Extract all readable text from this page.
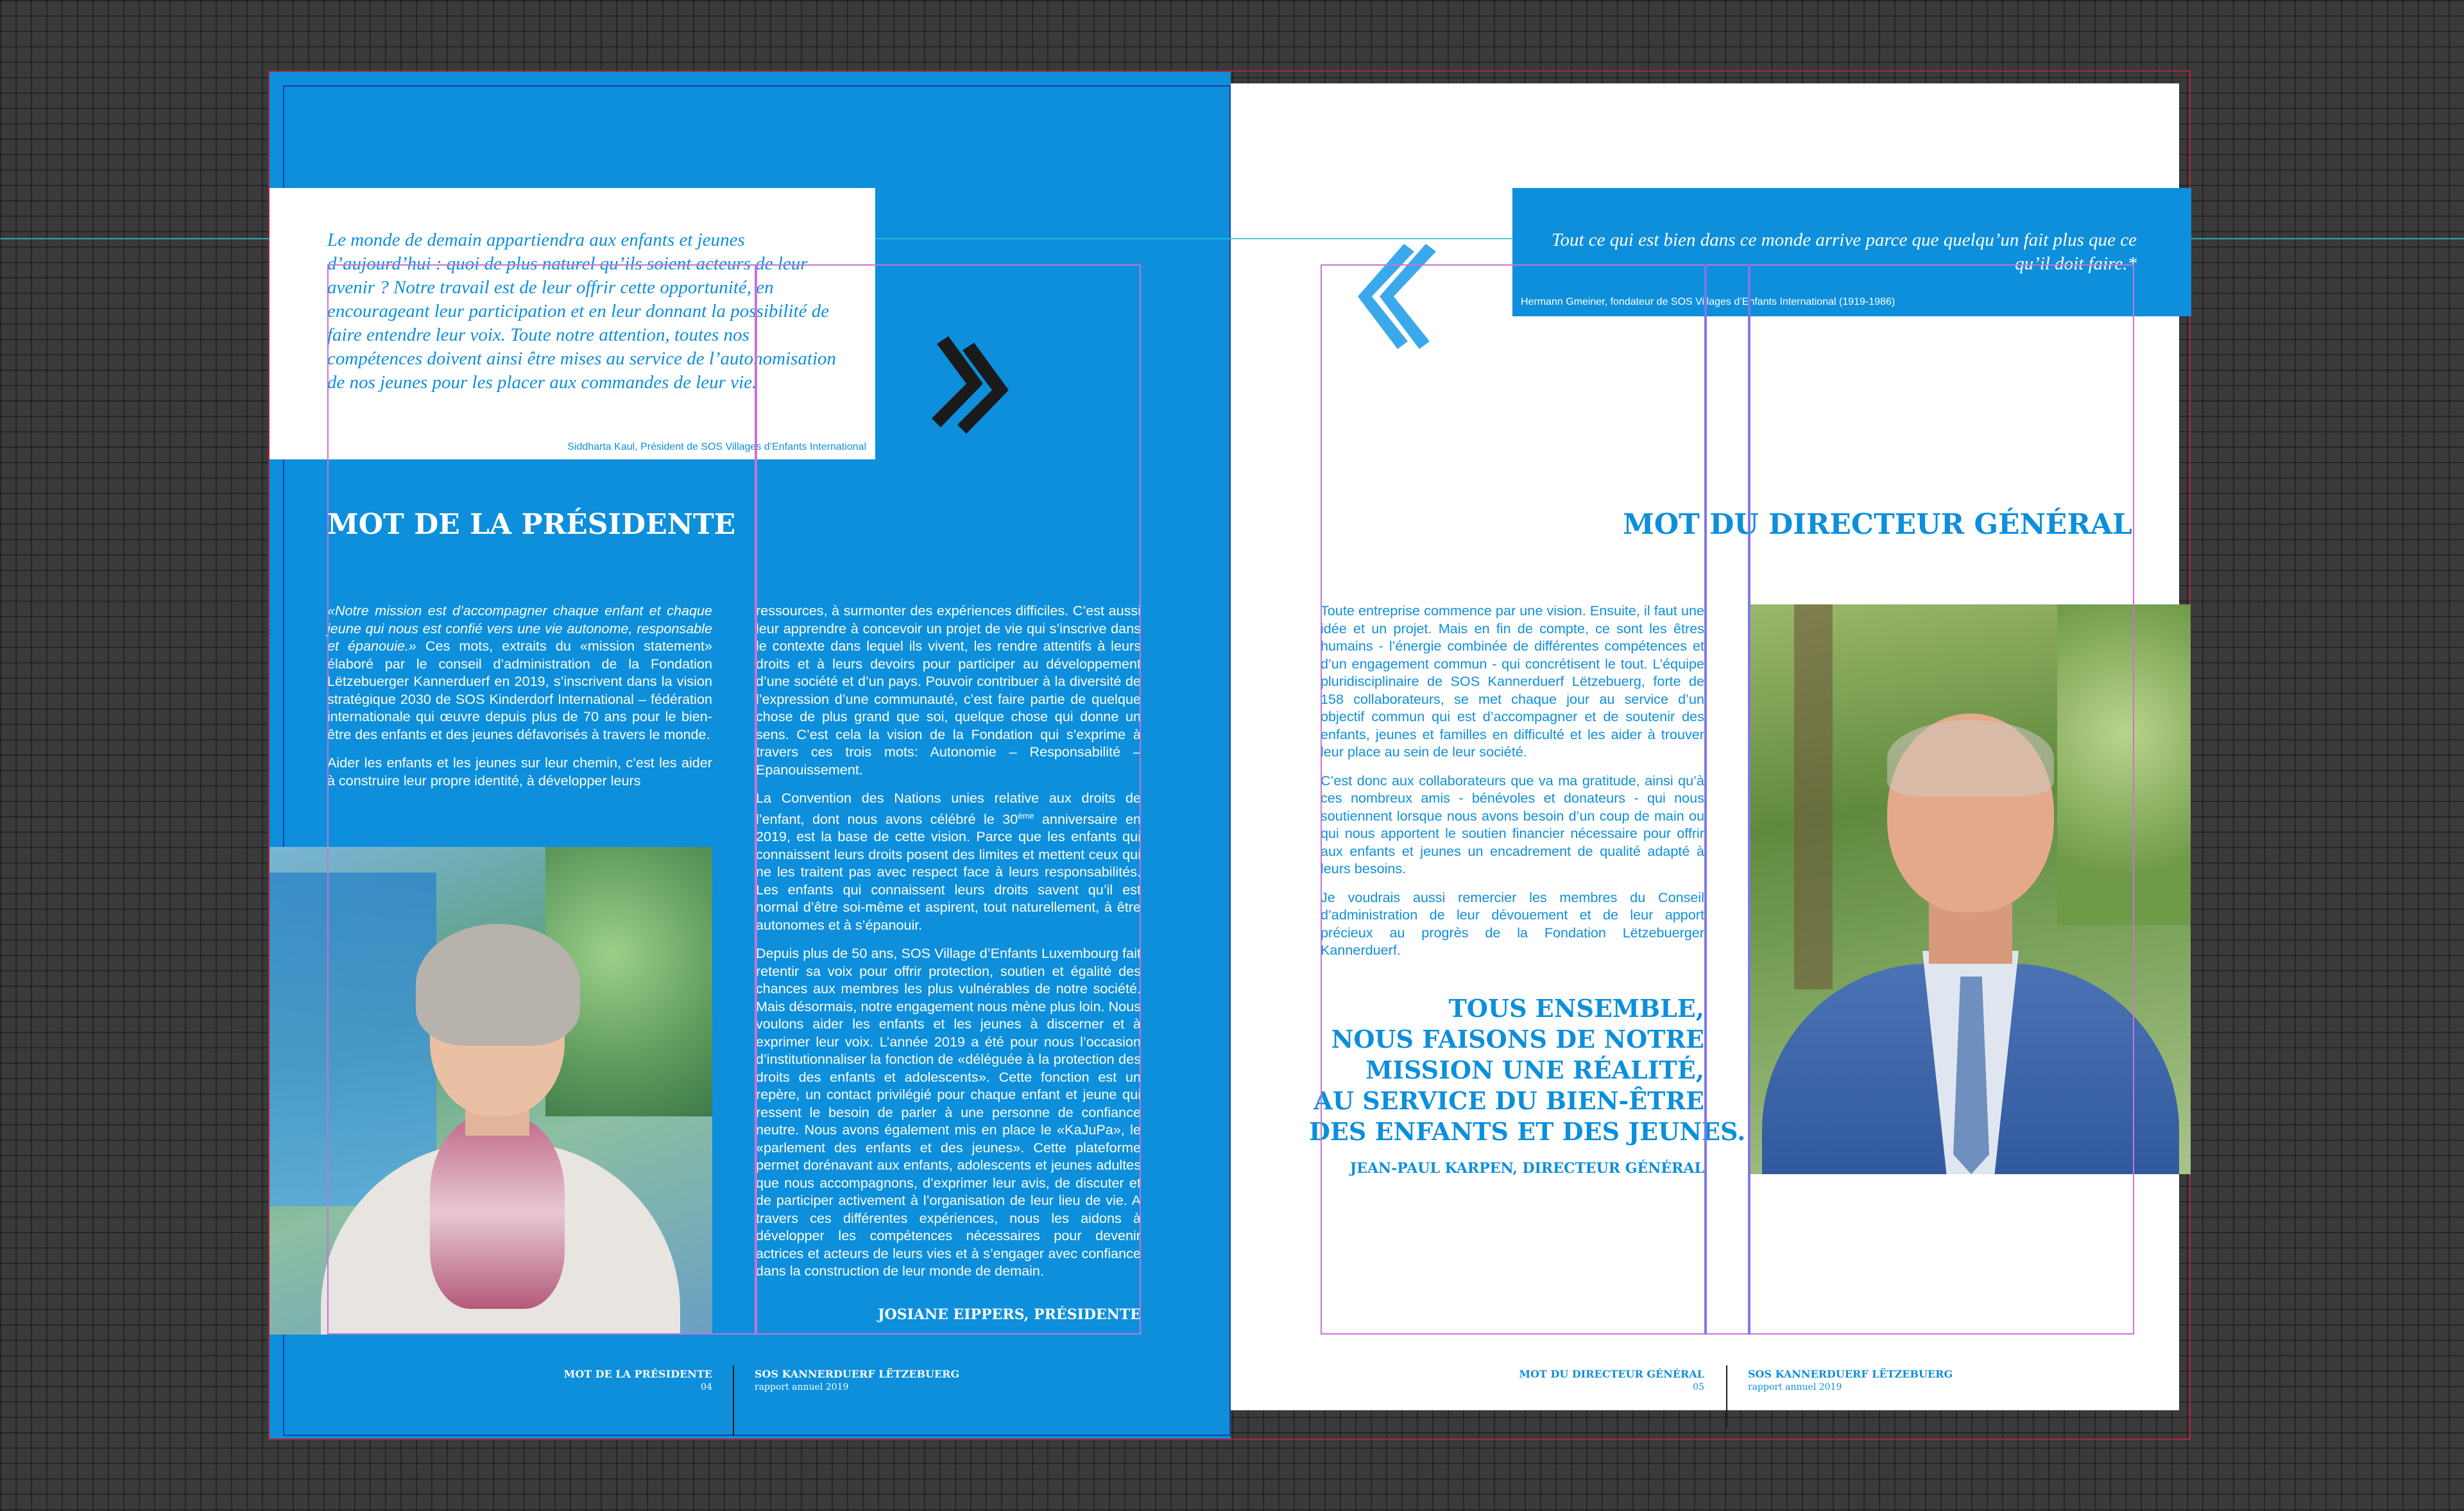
Le monde de demain appartiendra aux enfants et jeunes d’aujourd’hui : quoi de plus naturel qu’ils soient acteurs de leur avenir ? Notre travail est de leur offrir cette opportunité, en encourageant leur participation et en leur donnant la possibilité de faire entendre leur voix. Toute notre attention, toutes nos compétences doivent ainsi être mises au service de l’autonomisation de nos jeunes pour les placer aux commandes de leur vie.
Siddharta Kaul, Président de SOS Villages d’Enfants International
MOT DE LA PRÉSIDENTE

«Notre mission est d’accompagner chaque enfant et chaque jeune qui nous est confié vers une vie autonome, responsable et épanouie.» Ces mots, extraits du «mission statement» élaboré par le conseil d’administration de la Fondation Lëtzebuerger Kannerduerf en 2019, s’inscrivent dans la vision stratégique 2030 de SOS Kinderdorf International – fédération internationale qui œuvre depuis plus de 70 ans pour le bien-être des enfants et des jeunes défavorisés à travers le monde.

Aider les enfants et les jeunes sur leur chemin, c’est les aider à construire leur propre identité, à développer leurs

ressources, à surmonter des expériences difficiles. C’est aussi leur apprendre à concevoir un projet de vie qui s’inscrive dans le contexte dans lequel ils vivent, les rendre attentifs à leurs droits et à leurs devoirs pour participer au développement d’une société et d’un pays. Pouvoir contribuer à la diversité de l’expression d’une communauté, c’est faire partie de quelque chose de plus grand que soi, quelque chose qui donne un sens. C’est cela la vision de la Fondation qui s’exprime à travers ces trois mots: Autonomie – Responsabilité – Epanouissement.

La Convention des Nations unies relative aux droits de l’enfant, dont nous avons célébré le 30ème anniversaire en 2019, est la base de cette vision. Parce que les enfants qui connaissent leurs droits posent des limites et mettent ceux qui ne les traitent pas avec respect face à leurs responsabilités. Les enfants qui connaissent leurs droits savent qu’il est normal d’être soi-même et aspirent, tout naturellement, à être autonomes et à s’épanouir.

Depuis plus de 50 ans, SOS Village d’Enfants Luxembourg fait retentir sa voix pour offrir protection, soutien et égalité des chances aux membres les plus vulnérables de notre société. Mais désormais, notre engagement nous mène plus loin. Nous voulons aider les enfants et les jeunes à discerner et à exprimer leur voix. L’année 2019 a été pour nous l’occasion d’institutionnaliser la fonction de «déléguée à la protection des droits des enfants et adolescents». Cette fonction est un repère, un contact privilégié pour chaque enfant et jeune qui ressent le besoin de parler à une personne de confiance neutre. Nous avons également mis en place le «KaJuPa», le «parlement des enfants et des jeunes». Cette plateforme permet dorénavant aux enfants, adolescents et jeunes adultes que nous accompagnons, d’exprimer leur avis, de discuter et de participer activement à l’organisation de leur lieu de vie. A travers ces différentes expériences, nous les aidons à développer les compétences nécessaires pour devenir actrices et acteurs de leurs vies et à s’engager avec confiance dans la construction de leur monde de demain.

JOSIANE EIPPERS, PRÉSIDENTE
MOT DE LA PRÉSIDENTE
04
SOS KANNERDUERF LËTZEBUERG
rapport annuel 2019
Tout ce qui est bien dans ce monde arrive parce que quelqu’un fait plus que ce qu’il doit faire.*
Hermann Gmeiner, fondateur de SOS Villages d’Enfants International (1919-1986)
MOT DU DIRECTEUR GÉNÉRAL

Toute entreprise commence par une vision. Ensuite, il faut une idée et un projet. Mais en fin de compte, ce sont les êtres humains - l’énergie combinée de différentes compétences et d’un engagement commun - qui concrétisent le tout. L’équipe pluridisciplinaire de SOS Kannerduerf Lëtzebuerg, forte de 158 collaborateurs, se met chaque jour au service d’un objectif commun qui est d’accompagner et de soutenir des enfants, jeunes et familles en difficulté et les aider à trouver leur place au sein de leur société.

C’est donc aux collaborateurs que va ma gratitude, ainsi qu’à ces nombreux amis - bénévoles et donateurs - qui nous soutiennent lorsque nous avons besoin d’un coup de main ou qui nous apportent le soutien financier nécessaire pour offrir aux enfants et jeunes un encadrement de qualité adapté à leurs besoins.

Je voudrais aussi remercier les membres du Conseil d’administration de leur dévouement et de leur apport précieux au progrès de la Fondation Lëtzebuerger Kannerduerf.

TOUS ENSEMBLE,
NOUS FAISONS DE NOTRE
MISSION UNE RÉALITÉ,
AU SERVICE DU BIEN-ÊTRE
DES ENFANTS ET DES JEUNES.
JEAN-PAUL KARPEN, DIRECTEUR GÉNÉRAL
MOT DU DIRECTEUR GÉNÉRAL
05
SOS KANNERDUERF LËTZEBUERG
rapport annuel 2019
